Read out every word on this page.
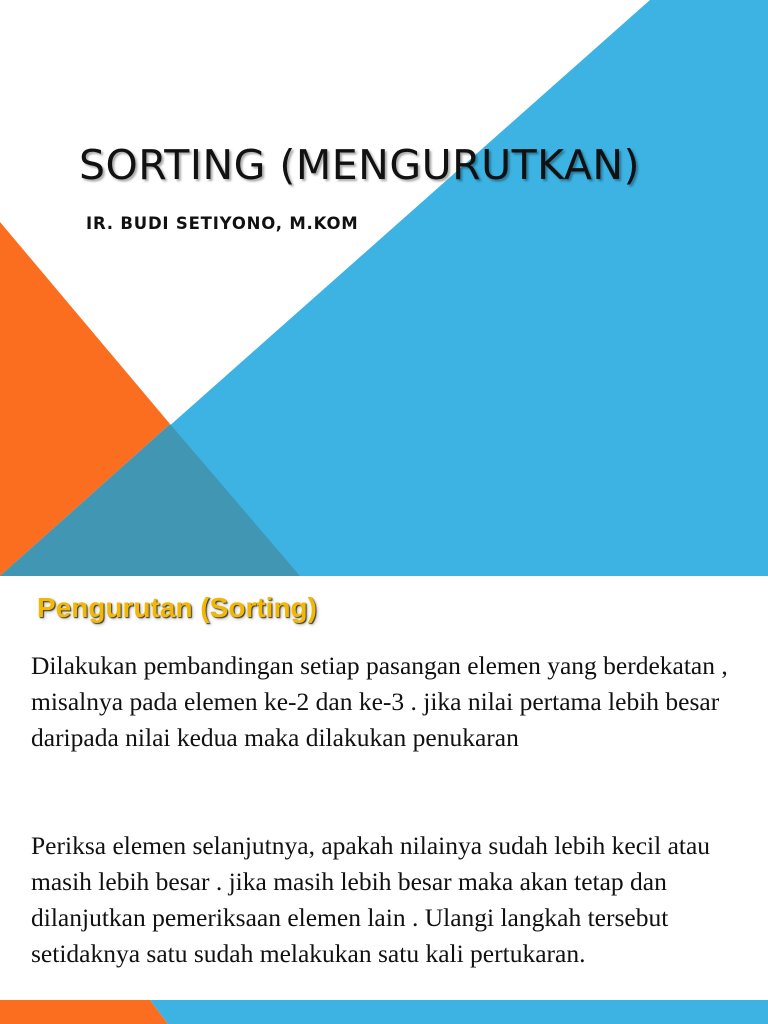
SORTING (MENGURUTKAN)

IR. BUDI SETIYONO, M.KOM

Pengurutan (Sorting)

Dilakukan pembandingan setiap pasangan elemen yang berdekatan , misalnya pada elemen ke-2 dan ke-3 . jika nilai pertama lebih besar daripada nilai kedua maka dilakukan penukaran

Periksa elemen selanjutnya, apakah nilainya sudah lebih kecil atau masih lebih besar . jika masih lebih besar maka akan tetap dan dilanjutkan pemeriksaan elemen lain . Ulangi langkah tersebut setidaknya satu sudah melakukan satu kali pertukaran.
